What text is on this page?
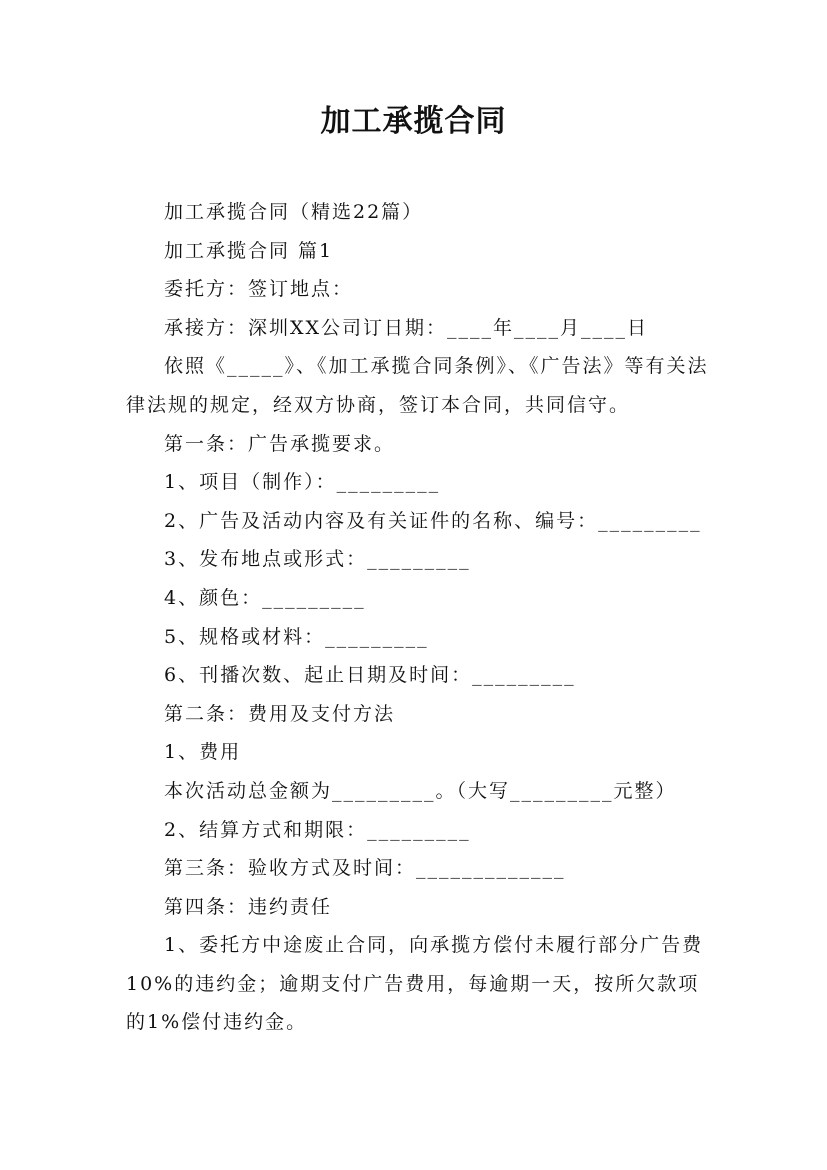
加工承揽合同

加工承揽合同（精选22篇）

加工承揽合同 篇1

委托方：签订地点：

承接方：深圳XX公司订日期：____年____月____日

依照《_____》、《加工承揽合同条例》、《广告法》等有关法律法规的规定，经双方协商，签订本合同，共同信守。

第一条：广告承揽要求。

1、项目（制作）：_________

2、广告及活动内容及有关证件的名称、编号：_________

3、发布地点或形式：_________

4、颜色：_________

5、规格或材料：_________

6、刊播次数、起止日期及时间：_________

第二条：费用及支付方法

1、费用

本次活动总金额为_________。（大写_________元整）

2、结算方式和期限：_________

第三条：验收方式及时间：_____________

第四条：违约责任

1、委托方中途废止合同，向承揽方偿付未履行部分广告费10%的违约金；逾期支付广告费用，每逾期一天，按所欠款项的1%偿付违约金。
